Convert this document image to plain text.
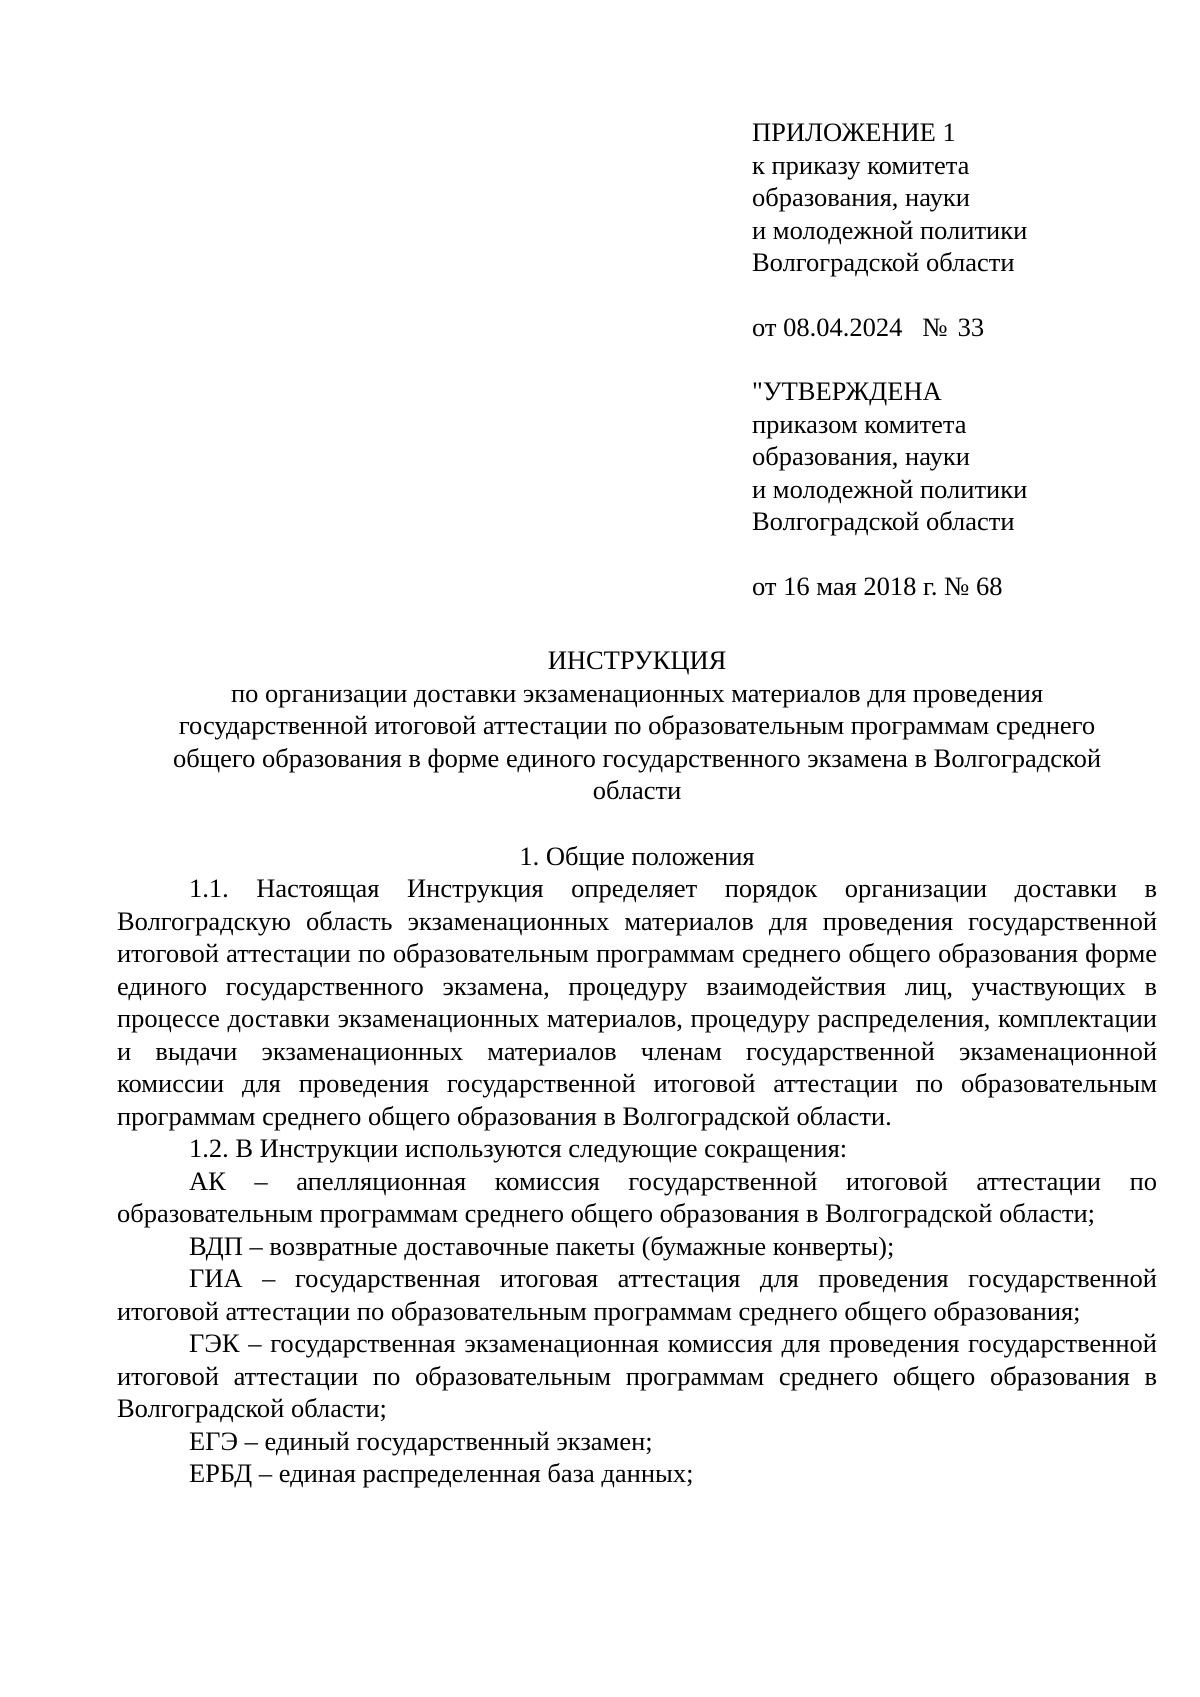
ПРИЛОЖЕНИЕ 1
к приказу комитета
образования, науки
и молодежной политики
Волгоградской области
от 08.04.2024 № 33
"УТВЕРЖДЕНА
приказом комитета
образования, науки
и молодежной политики
Волгоградской области
от 16 мая 2018 г. № 68
ИНСТРУКЦИЯ
по организации доставки экзаменационных материалов для проведения
государственной итоговой аттестации по образовательным программам среднего
общего образования в форме единого государственного экзамена в Волгоградской
области
1. Общие положения

1.1. Настоящая Инструкция определяет порядок организации доставки в Волгоградскую область экзаменационных материалов для проведения государственной итоговой аттестации по образовательным программам среднего общего образования форме единого государственного экзамена, процедуру взаимодействия лиц, участвующих в процессе доставки экзаменационных материалов, процедуру распределения, комплектации и выдачи экзаменационных материалов членам государственной экзаменационной комиссии для проведения государственной итоговой аттестации по образовательным программам среднего общего образования в Волгоградской области.

1.2. В Инструкции используются следующие сокращения:

АК – апелляционная комиссия государственной итоговой аттестации по образовательным программам среднего общего образования в Волгоградской области;

ВДП – возвратные доставочные пакеты (бумажные конверты);

ГИА – государственная итоговая аттестация для проведения государственной итоговой аттестации по образовательным программам среднего общего образования;

ГЭК – государственная экзаменационная комиссия для проведения государственной итоговой аттестации по образовательным программам среднего общего образования в Волгоградской области;

ЕГЭ – единый государственный экзамен;

ЕРБД – единая распределенная база данных;
